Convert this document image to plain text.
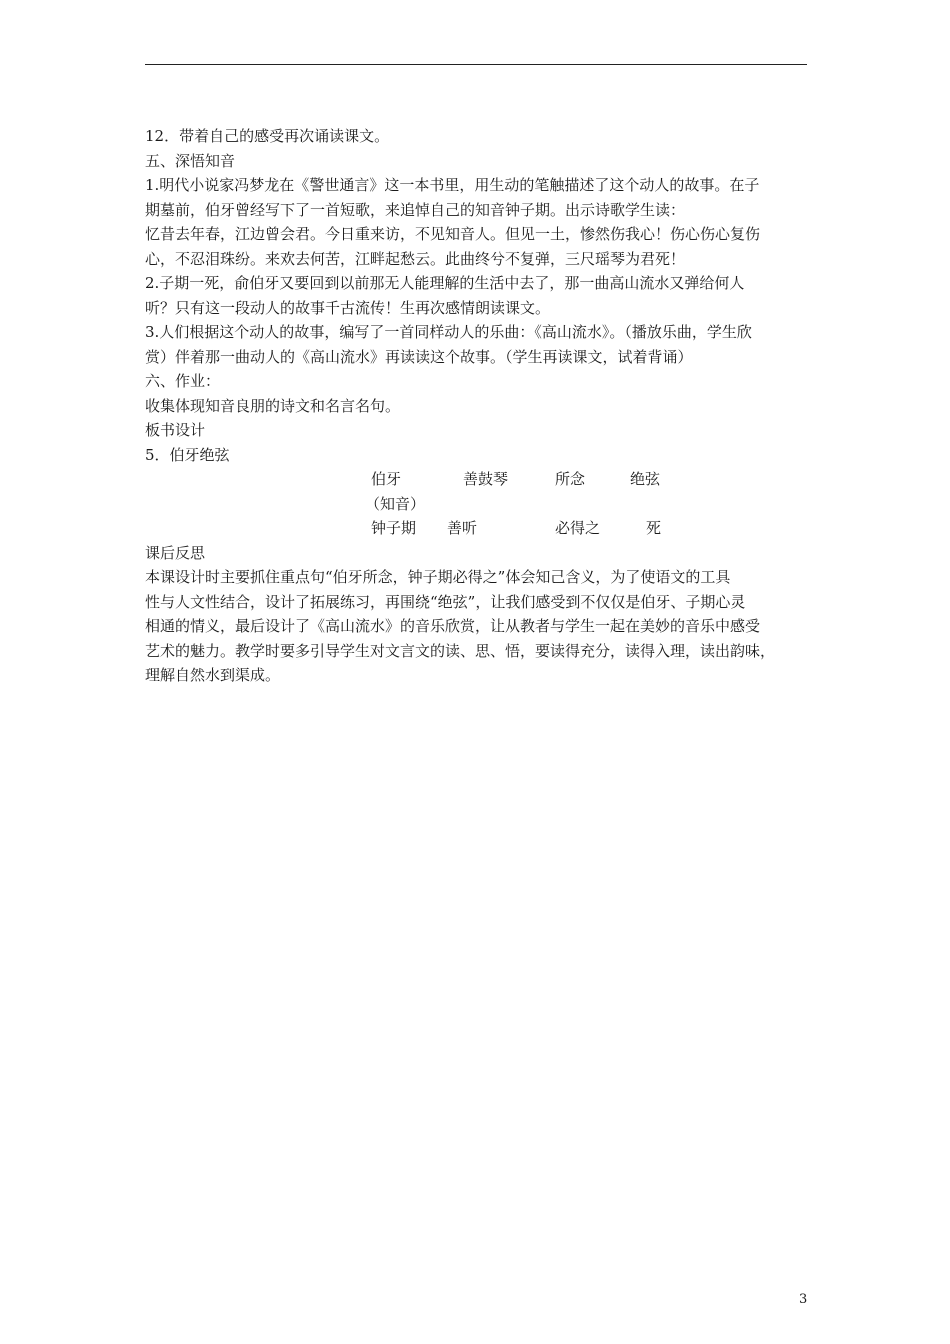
12．带着自己的感受再次诵读课文。
五、深悟知音
1.明代小说家冯梦龙在《警世通言》这一本书里，用生动的笔触描述了这个动人的故事。在子
期墓前，伯牙曾经写下了一首短歌，来追悼自己的知音钟子期。出示诗歌学生读：
忆昔去年春，江边曾会君。今日重来访，不见知音人。但见一土，惨然伤我心！伤心伤心复伤
心，不忍泪珠纷。来欢去何苦，江畔起愁云。此曲终兮不复弹，三尺瑶琴为君死！
2.子期一死，俞伯牙又要回到以前那无人能理解的生活中去了，那一曲高山流水又弹给何人
听？只有这一段动人的故事千古流传！生再次感情朗读课文。
3.人们根据这个动人的故事，编写了一首同样动人的乐曲：《高山流水》。（播放乐曲，学生欣
赏）伴着那一曲动人的《高山流水》再读读这个故事。（学生再读课文，试着背诵）
六、作业：
收集体现知音良朋的诗文和名言名句。
板书设计
5．伯牙绝弦
伯牙	善鼓琴	所念	绝弦
（知音）
钟子期 善听	必得之	死
课后反思
本课设计时主要抓住重点句“伯牙所念，钟子期必得之”体会知己含义，为了使语文的工具
性与人文性结合，设计了拓展练习，再围绕“绝弦”，让我们感受到不仅仅是伯牙、子期心灵
相通的情义，最后设计了《高山流水》的音乐欣赏，让从教者与学生一起在美妙的音乐中感受
艺术的魅力。教学时要多引导学生对文言文的读、思、悟，要读得充分，读得入理，读出韵味，
理解自然水到渠成。
3
